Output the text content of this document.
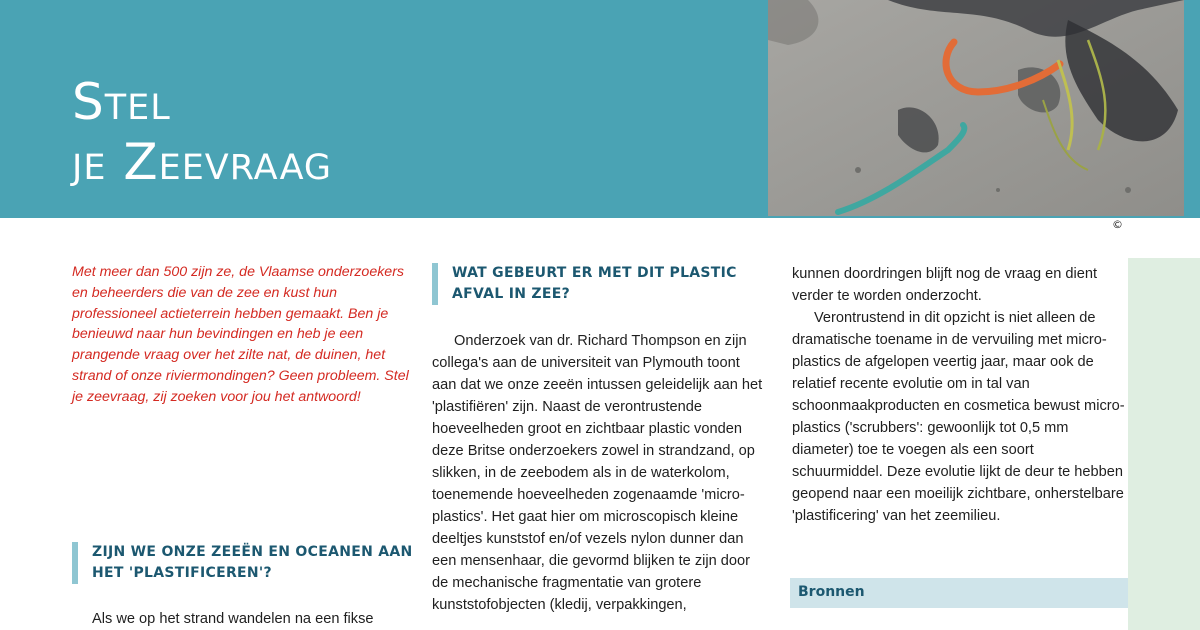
Stel
je Zeevraag
©

Met meer dan 500 zijn ze, de Vlaamse onderzoekers en beheerders die van de zee en kust hun professioneel actieterrein hebben gemaakt. Ben je benieuwd naar hun bevindingen en heb je een prangende vraag over het zilte nat, de duinen, het strand of onze riviermondingen? Geen probleem. Stel je zeevraag, zij zoeken voor jou het antwoord!

ZIJN WE ONZE ZEEËN EN OCEANEN AAN HET 'PLASTIFICEREN'?

Als we op het strand wandelen na een fikse

WAT GEBEURT ER MET DIT PLASTIC AFVAL IN ZEE?

Onderzoek van dr. Richard Thompson en zijn collega's aan de universiteit van Plymouth toont aan dat we onze zeeën intussen geleidelijk aan het 'plastifiëren' zijn. Naast de verontrustende hoeveelheden groot en zichtbaar plastic vonden deze Britse onderzoekers zowel in strandzand, op slikken, in de zeebodem als in de waterkolom, toenemende hoeveelheden zogenaamde 'micro-plastics'. Het gaat hier om microscopisch kleine deeltjes kunststof en/of vezels nylon dunner dan een mensenhaar, die gevormd blijken te zijn door de mechanische fragmentatie van grotere kunststofobjecten (kledij, verpakkingen,

kunnen doordringen blijft nog de vraag en dient verder te worden onderzocht.

Verontrustend in dit opzicht is niet alleen de dramatische toename in de vervuiling met micro-plastics de afgelopen veertig jaar, maar ook de relatief recente evolutie om in tal van schoonmaakproducten en cosmetica bewust micro-plastics ('scrubbers': gewoonlijk tot 0,5 mm diameter) toe te voegen als een soort schuurmiddel. Deze evolutie lijkt de deur te hebben geopend naar een moeilijk zichtbare, onherstelbare 'plastificering' van het zeemilieu.

Bronnen
